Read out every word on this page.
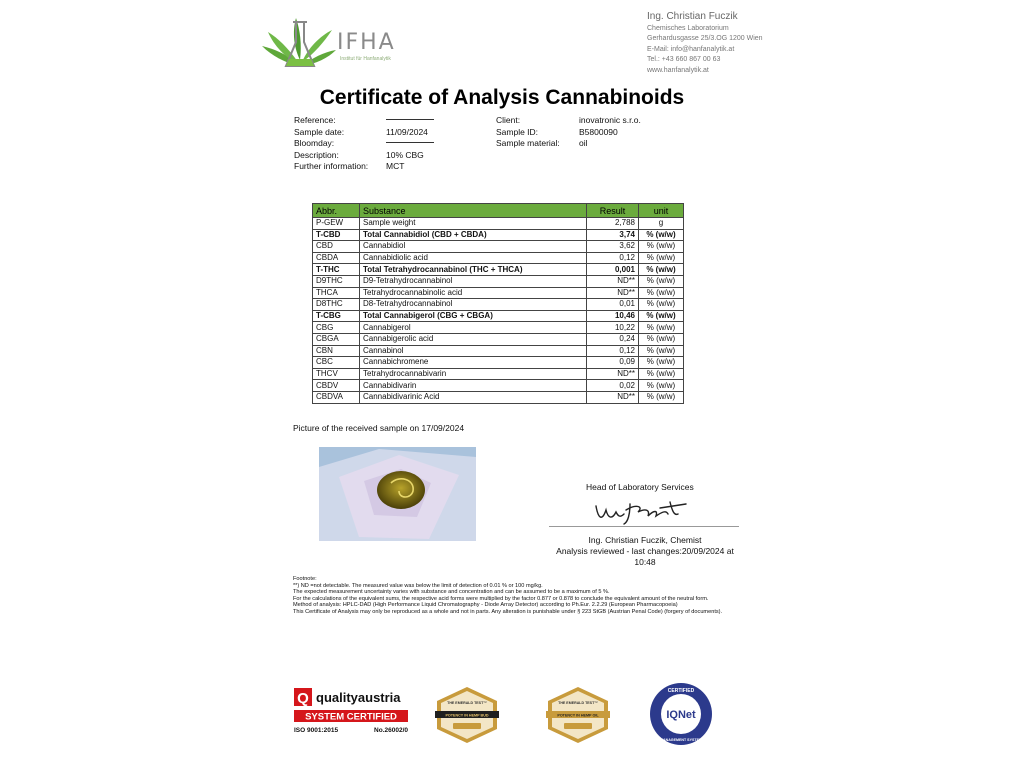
IFHA
Institut für Hanfanalytik
Ing. Christian Fuczik
Chemisches Laboratorium
Gerhardusgasse 25/3.OG 1200 Wien
E-Mail: info@hanfanalytik.at
Tel.: +43 660 867 00 63
www.hanfanalytik.at
Certificate of Analysis Cannabinoids
Reference:
Sample date:	11/09/2024
Bloomday:
Description:	10% CBG
Further information: MCT
Client:	inovatronic s.r.o.
Sample ID:	B5800090
Sample material: oil
Abbr.	Substance	Result	unit
P-GEW	Sample weight	2,788	g
T-CBD	Total Cannabidiol (CBD + CBDA)	3,74	% (w/w)
CBD	Cannabidiol	3,62	% (w/w)
CBDA	Cannabidiolic acid	0,12	% (w/w)
T-THC	Total Tetrahydrocannabinol (THC + THCA)	0,001	% (w/w)
D9THC	D9-Tetrahydrocannabinol	ND**	% (w/w)
THCA	Tetrahydrocannabinolic acid	ND**	% (w/w)
D8THC	D8-Tetrahydrocannabinol	0,01	% (w/w)
T-CBG	Total Cannabigerol (CBG + CBGA)	10,46	% (w/w)
CBG	Cannabigerol	10,22	% (w/w)
CBGA	Cannabigerolic acid	0,24	% (w/w)
CBN	Cannabinol	0,12	% (w/w)
CBC	Cannabichromene	0,09	% (w/w)
THCV	Tetrahydrocannabivarin	ND**	% (w/w)
CBDV	Cannabidivarin	0,02	% (w/w)
CBDVA	Cannabidivarinic Acid	ND**	% (w/w)
Picture of the received sample on 17/09/2024
Head of Laboratory Services
Ch. Fuczik
Ing. Christian Fuczik, Chemist
Analysis reviewed - last changes:20/09/2024 at
10:48
Footnote:
**) ND =not detectable. The measured value was below the limit of detection of 0.01 % or 100 mg/kg.
The expected measurement uncertainty varies with substance and concentration and can be assumed to be a maximum of 5 %.
For the calculations of the equivalent sums, the respective acid forms were multiplied by the factor 0.877 or 0.878 to conclude the equivalent amount of the neutral form.
Method of analysis: HPLC-DAD (High Performance Liquid Chromatography - Diode Array Detector) according to Ph.Eur. 2.2.29 (European Pharmacopoeia)
This Certificate of Analysis may only be reproduced as a whole and not in parts. Any alteration is punishable under § 223 StGB (Austrian Penal Code) (forgery of documents).
Q qualityaustria
SYSTEM CERTIFIED
ISO 9001:2015	No.26002/0
THE EMERALD TEST™
POTENCY IN HEMP BUD
THE EMERALD TEST™
POTENCY IN HEMP OIL
CERTIFIED
IQNet
MANAGEMENT SYSTEM
